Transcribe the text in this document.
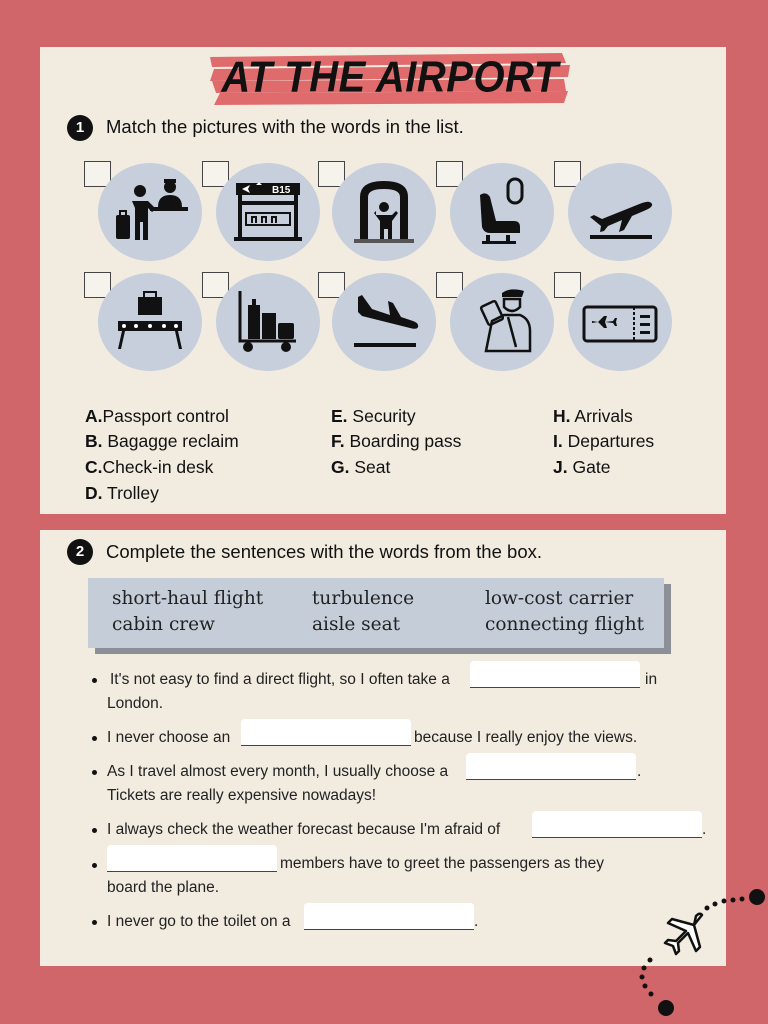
AT THE AIRPORT
1	Match the pictures with the words in the list.
B15
A.Passport control
B. Bagagge reclaim
C.Check-in desk
D. Trolley
E. Security
F. Boarding pass
G. Seat
H. Arrivals
I. Departures
J. Gate
2	Complete the sentences with the words from the box.
short-haul flight	turbulence	low-cost carrier
cabin crew	aisle seat	connecting flight
It's not easy to find a direct flight, so I often take a	in
London.
I never choose an	because I really enjoy the views.
As I travel almost every month, I usually choose a	.
Tickets are really expensive nowadays!
I always check the weather forecast because I'm afraid of	.
members have to greet the passengers as they
board the plane.
I never go to the toilet on a	.
